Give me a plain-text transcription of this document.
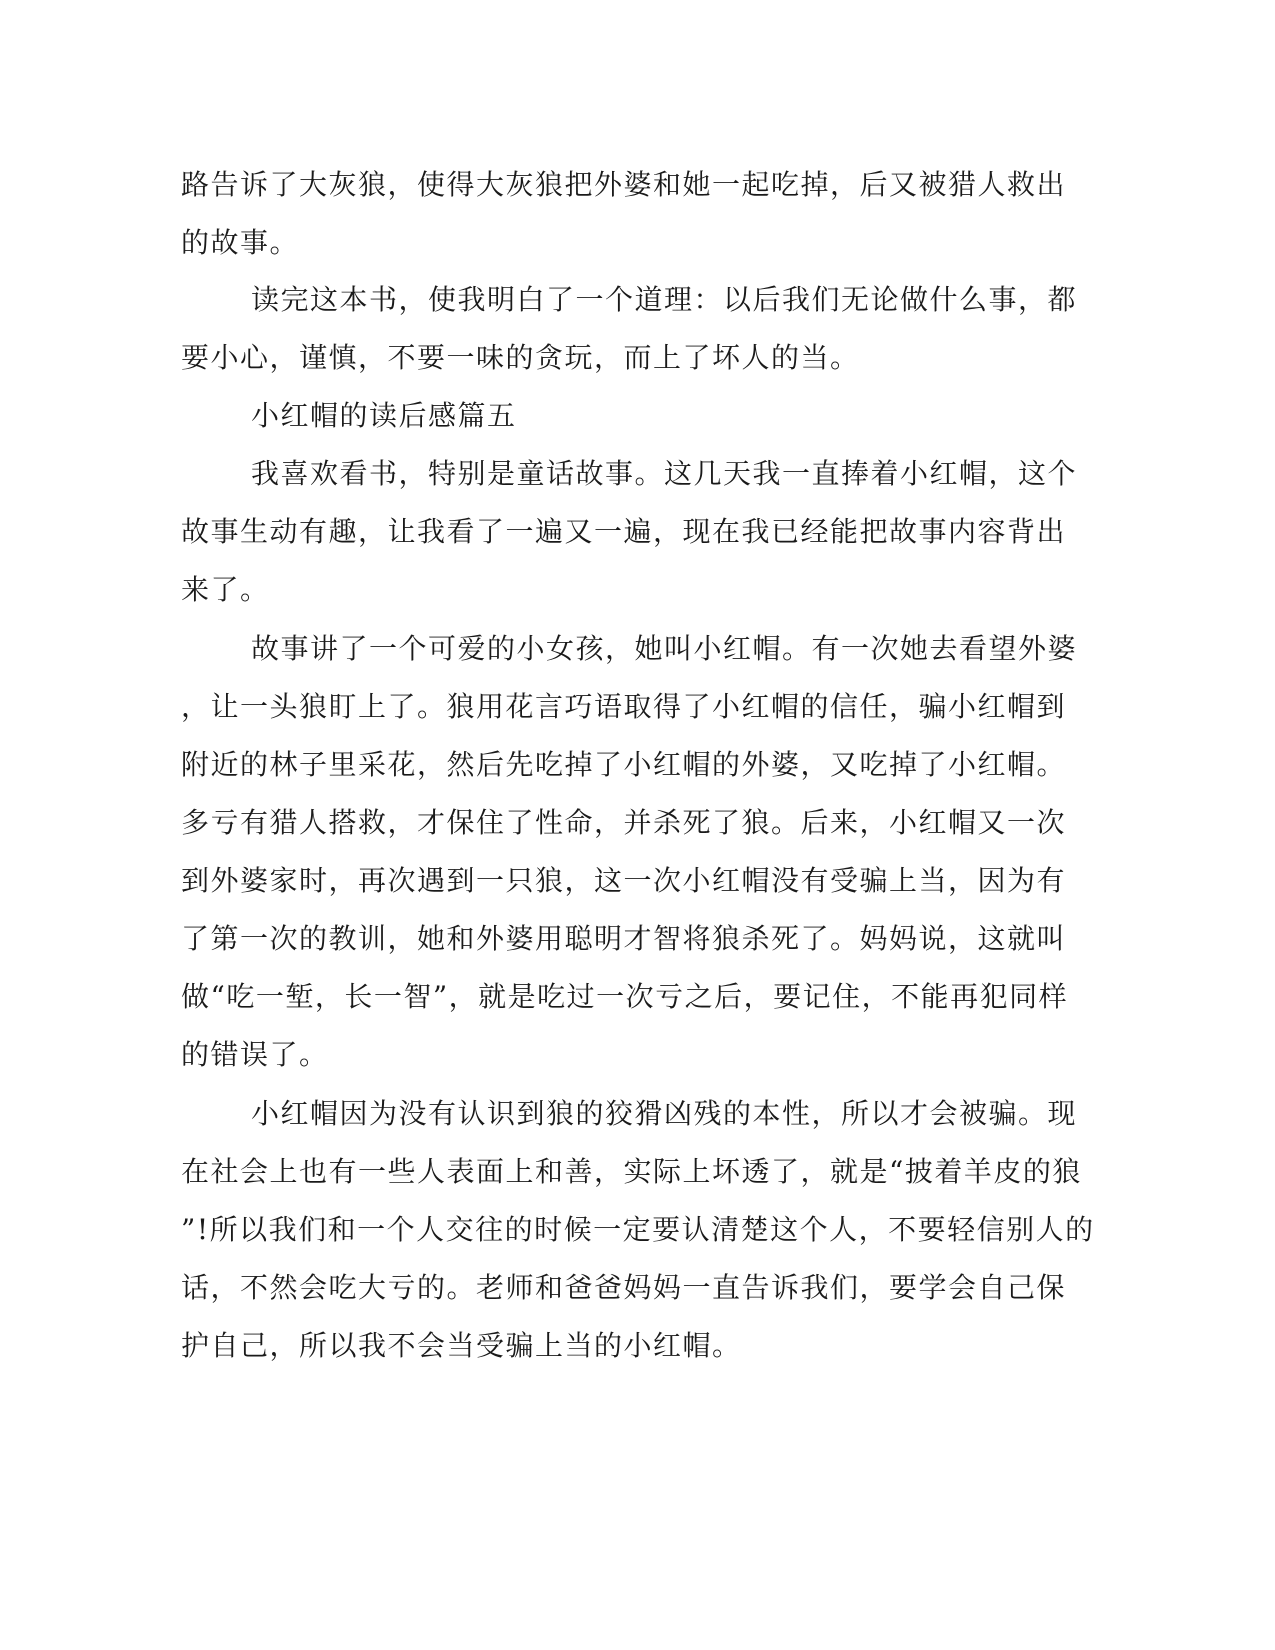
路告诉了大灰狼，使得大灰狼把外婆和她一起吃掉，后又被猎人救出

的故事。

读完这本书，使我明白了一个道理：以后我们无论做什么事，都

要小心，谨慎，不要一味的贪玩，而上了坏人的当。

小红帽的读后感篇五

我喜欢看书，特别是童话故事。这几天我一直捧着小红帽，这个

故事生动有趣，让我看了一遍又一遍，现在我已经能把故事内容背出

来了。

故事讲了一个可爱的小女孩，她叫小红帽。有一次她去看望外婆

，让一头狼盯上了。狼用花言巧语取得了小红帽的信任，骗小红帽到

附近的林子里采花，然后先吃掉了小红帽的外婆，又吃掉了小红帽。

多亏有猎人搭救，才保住了性命，并杀死了狼。后来，小红帽又一次

到外婆家时，再次遇到一只狼，这一次小红帽没有受骗上当，因为有

了第一次的教训，她和外婆用聪明才智将狼杀死了。妈妈说，这就叫

做“吃一堑，长一智”，就是吃过一次亏之后，要记住，不能再犯同样

的错误了。

小红帽因为没有认识到狼的狡猾凶残的本性，所以才会被骗。现

在社会上也有一些人表面上和善，实际上坏透了，就是“披着羊皮的狼

”!所以我们和一个人交往的时候一定要认清楚这个人，不要轻信别人的

话，不然会吃大亏的。老师和爸爸妈妈一直告诉我们，要学会自己保

护自己，所以我不会当受骗上当的小红帽。
